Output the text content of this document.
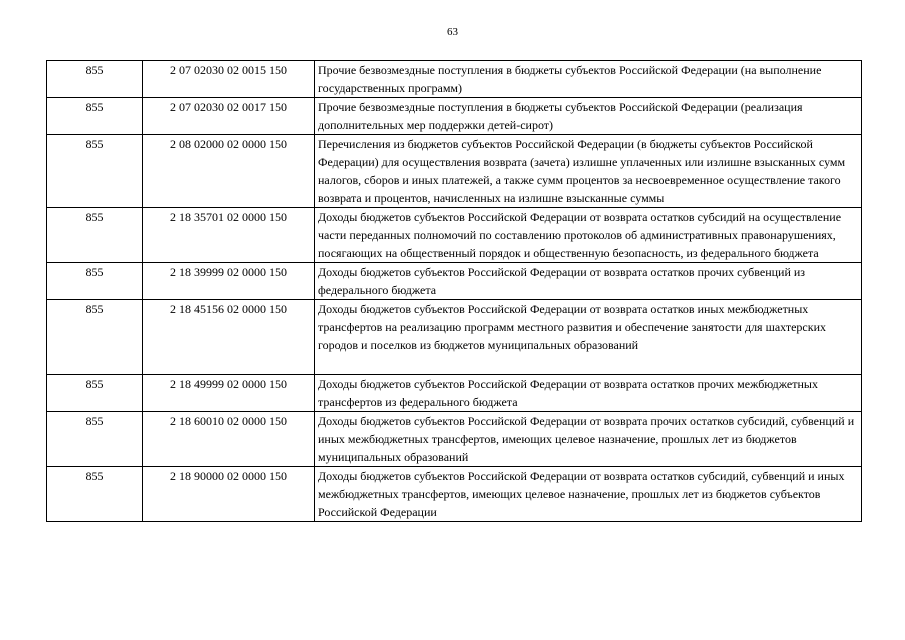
63
855	2 07 02030 02 0015 150	Прочие безвозмездные поступления в бюджеты субъектов Российской Федерации (на выполнение государственных программ)
855	2 07 02030 02 0017 150	Прочие безвозмездные поступления в бюджеты субъектов Российской Федерации (реализация дополнительных мер поддержки детей-сирот)
855	2 08 02000 02 0000 150	Перечисления из бюджетов субъектов Российской Федерации (в бюджеты субъектов Российской Федерации) для осуществления возврата (зачета) излишне уплаченных или излишне взысканных сумм налогов, сборов и иных платежей, а также сумм процентов за несвоевременное осуществление такого возврата и процентов, начисленных на излишне взысканные суммы
855	2 18 35701 02 0000 150	Доходы бюджетов субъектов Российской Федерации от возврата остатков субсидий на осуществление части переданных полномочий по составлению протоколов об административных правонарушениях, посягающих на общественный порядок и общественную безопасность, из федерального бюджета
855	2 18 39999 02 0000 150	Доходы бюджетов субъектов Российской Федерации от возврата остатков прочих субвенций из федерального бюджета
855	2 18 45156 02 0000 150	Доходы бюджетов субъектов Российской Федерации от возврата остатков иных межбюджетных трансфертов на реализацию программ местного развития и обеспечение занятости для шахтерских городов и поселков из бюджетов муниципальных образований
855	2 18 49999 02 0000 150	Доходы бюджетов субъектов Российской Федерации от возврата остатков прочих межбюджетных трансфертов из федерального бюджета
855	2 18 60010 02 0000 150	Доходы бюджетов субъектов Российской Федерации от возврата прочих остатков субсидий, субвенций и иных межбюджетных трансфертов, имеющих целевое назначение, прошлых лет из бюджетов муниципальных образований
855	2 18 90000 02 0000 150	Доходы бюджетов субъектов Российской Федерации от возврата остатков субсидий, субвенций и иных межбюджетных трансфертов, имеющих целевое назначение, прошлых лет из бюджетов субъектов Российской Федерации
